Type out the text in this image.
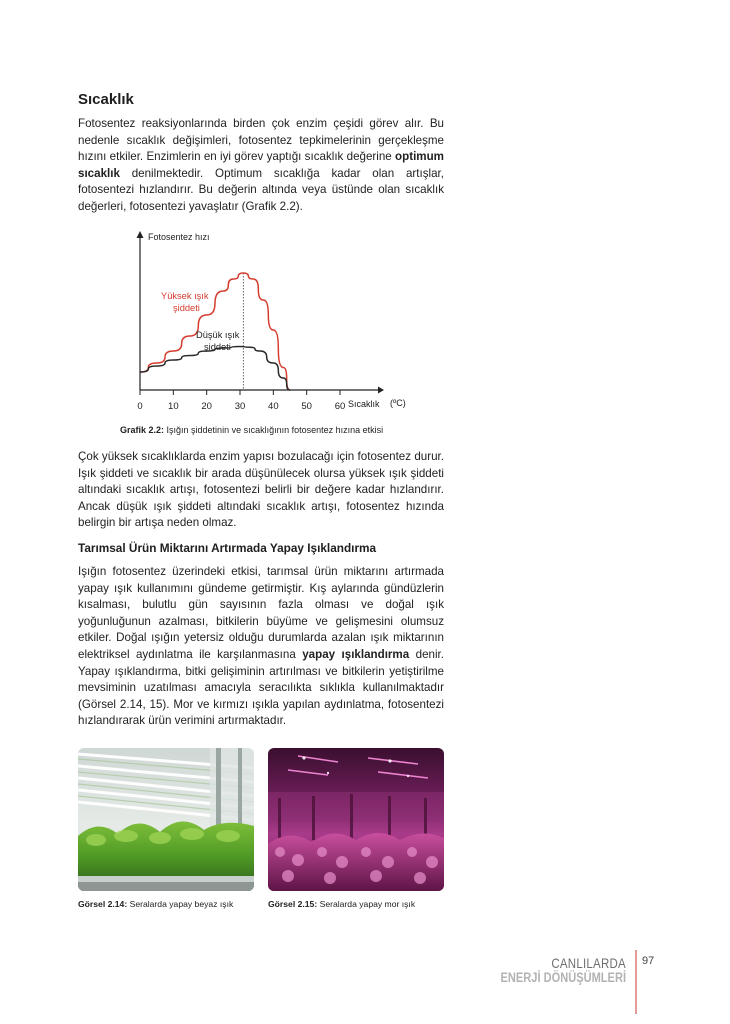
Sıcaklık

Fotosentez reaksiyonlarında birden çok enzim çeşidi görev alır. Bu nedenle sıcaklık değişimleri, fotosentez tepkimelerinin gerçekleşme hızını etkiler. Enzimlerin en iyi görev yaptığı sıcaklık değerine optimum sıcaklık denilmektedir. Optimum sıcaklığa kadar olan artışlar, fotosentezi hızlandırır. Bu değerin altında veya üstünde olan sıcaklık değerleri, fotosentezi yavaşlatır (Grafik 2.2).

Fotosentez hızı
Sıcaklık (ºC)
0	10 20 30 40 50 60
Yüksek ışık
şiddeti
Düşük ışık
şiddeti
Grafik 2.2: Işığın şiddetinin ve sıcaklığının fotosentez hızına etkisi

Çok yüksek sıcaklıklarda enzim yapısı bozulacağı için fotosentez durur. Işık şiddeti ve sıcaklık bir arada düşünülecek olursa yüksek ışık şiddeti altındaki sıcaklık artışı, fotosentezi belirli bir değere kadar hızlandırır. Ancak düşük ışık şiddeti altındaki sıcaklık artışı, fotosentez hızında belirgin bir artışa neden olmaz.

Tarımsal Ürün Miktarını Artırmada Yapay Işıklandırma

Işığın fotosentez üzerindeki etkisi, tarımsal ürün miktarını artırmada yapay ışık kullanımını gündeme getirmiştir. Kış aylarında gündüzlerin kısalması, bulutlu gün sayısının fazla olması ve doğal ışık yoğunluğunun azalması, bitkilerin büyüme ve gelişmesini olumsuz etkiler. Doğal ışığın yetersiz olduğu durumlarda azalan ışık miktarının elektriksel aydınlatma ile karşılanmasına yapay ışıklandırma denir. Yapay ışıklandırma, bitki gelişiminin artırılması ve bitkilerin yetiştirilme mevsiminin uzatılması amacıyla seracılıkta sıklıkla kullanılmaktadır (Görsel 2.14, 15). Mor ve kırmızı ışıkla yapılan aydınlatma, fotosentezi hızlandırarak ürün verimini artırmaktadır.

Görsel 2.14: Seralarda yapay beyaz ışık	Görsel 2.15: Seralarda yapay mor ışık
CANLILARDA
ENERJİ DÖNÜŞÜMLERİ
97
